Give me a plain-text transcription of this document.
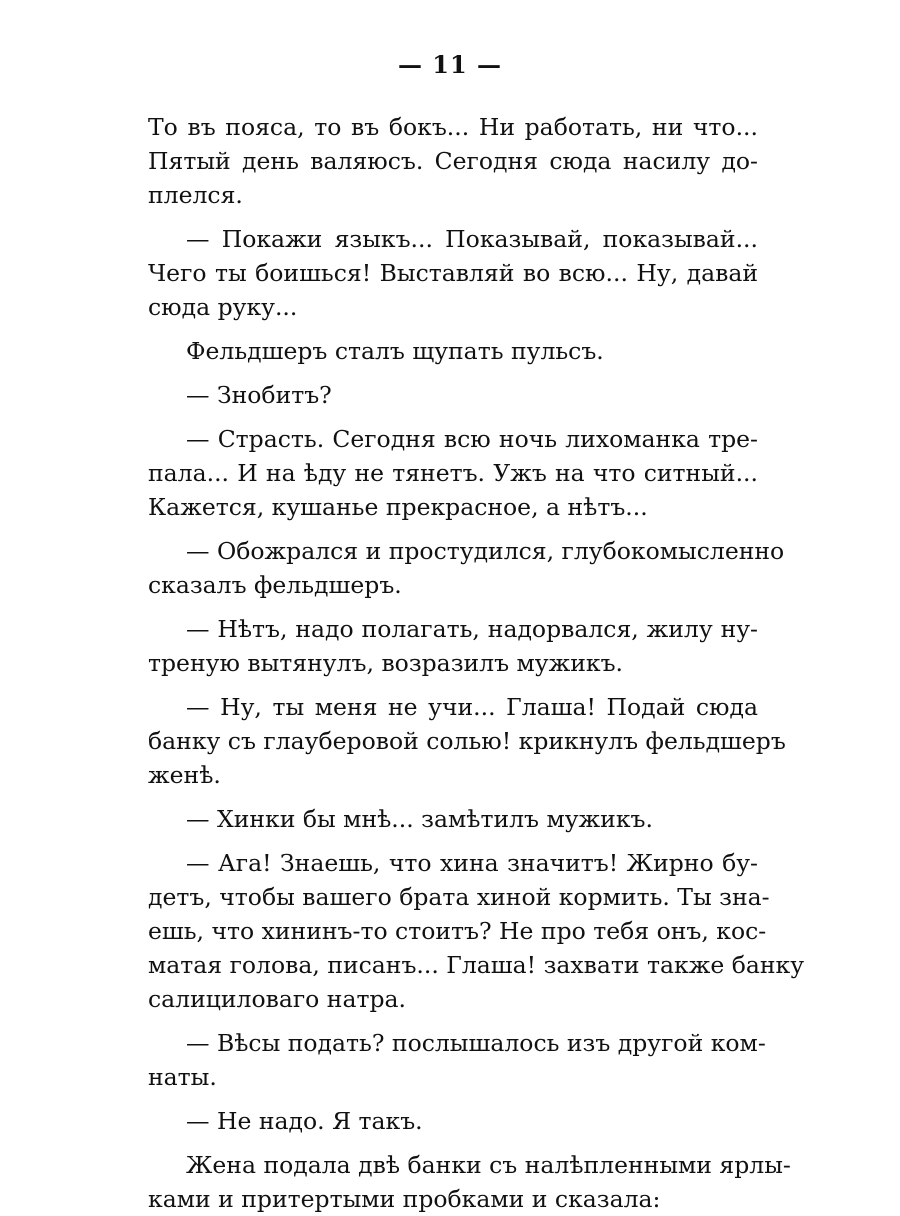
— 11 —
То въ пояса, то въ бокъ... Ни работать, ни что...
Пятый день валяюсъ. Сегодня сюда насилу до-
плелся.
— Покажи языкъ... Показывай, показывай...
Чего ты боишься! Выставляй во всю... Ну, давай
сюда руку...
Фельдшеръ сталъ щупать пульсъ.
— Знобитъ?
— Страсть. Сегодня всю ночь лихоманка тре-
пала... И на ѣду не тянетъ. Ужъ на что ситный...
Кажется, кушанье прекрасное, а нѣтъ...
— Обожрался и простудился, глубокомысленно
сказалъ фельдшеръ.
— Нѣтъ, надо полагать, надорвался, жилу ну-
треную вытянулъ, возразилъ мужикъ.
— Ну, ты меня не учи... Глаша! Подай сюда
банку съ глауберовой солью! крикнулъ фельдшеръ
женѣ.
— Хинки бы мнѣ... замѣтилъ мужикъ.
— Ага! Знаешь, что хина значитъ! Жирно бу-
детъ, чтобы вашего брата хиной кормить. Ты зна-
ешь, что хининъ-то стоитъ? Не про тебя онъ, кос-
матая голова, писанъ... Глаша! захвати также банку
салициловаго натра.
— Вѣсы подать? послышалось изъ другой ком-
наты.
— Не надо. Я такъ.
Жена подала двѣ банки съ налѣпленными ярлы-
ками и притертыми пробками и сказала:
